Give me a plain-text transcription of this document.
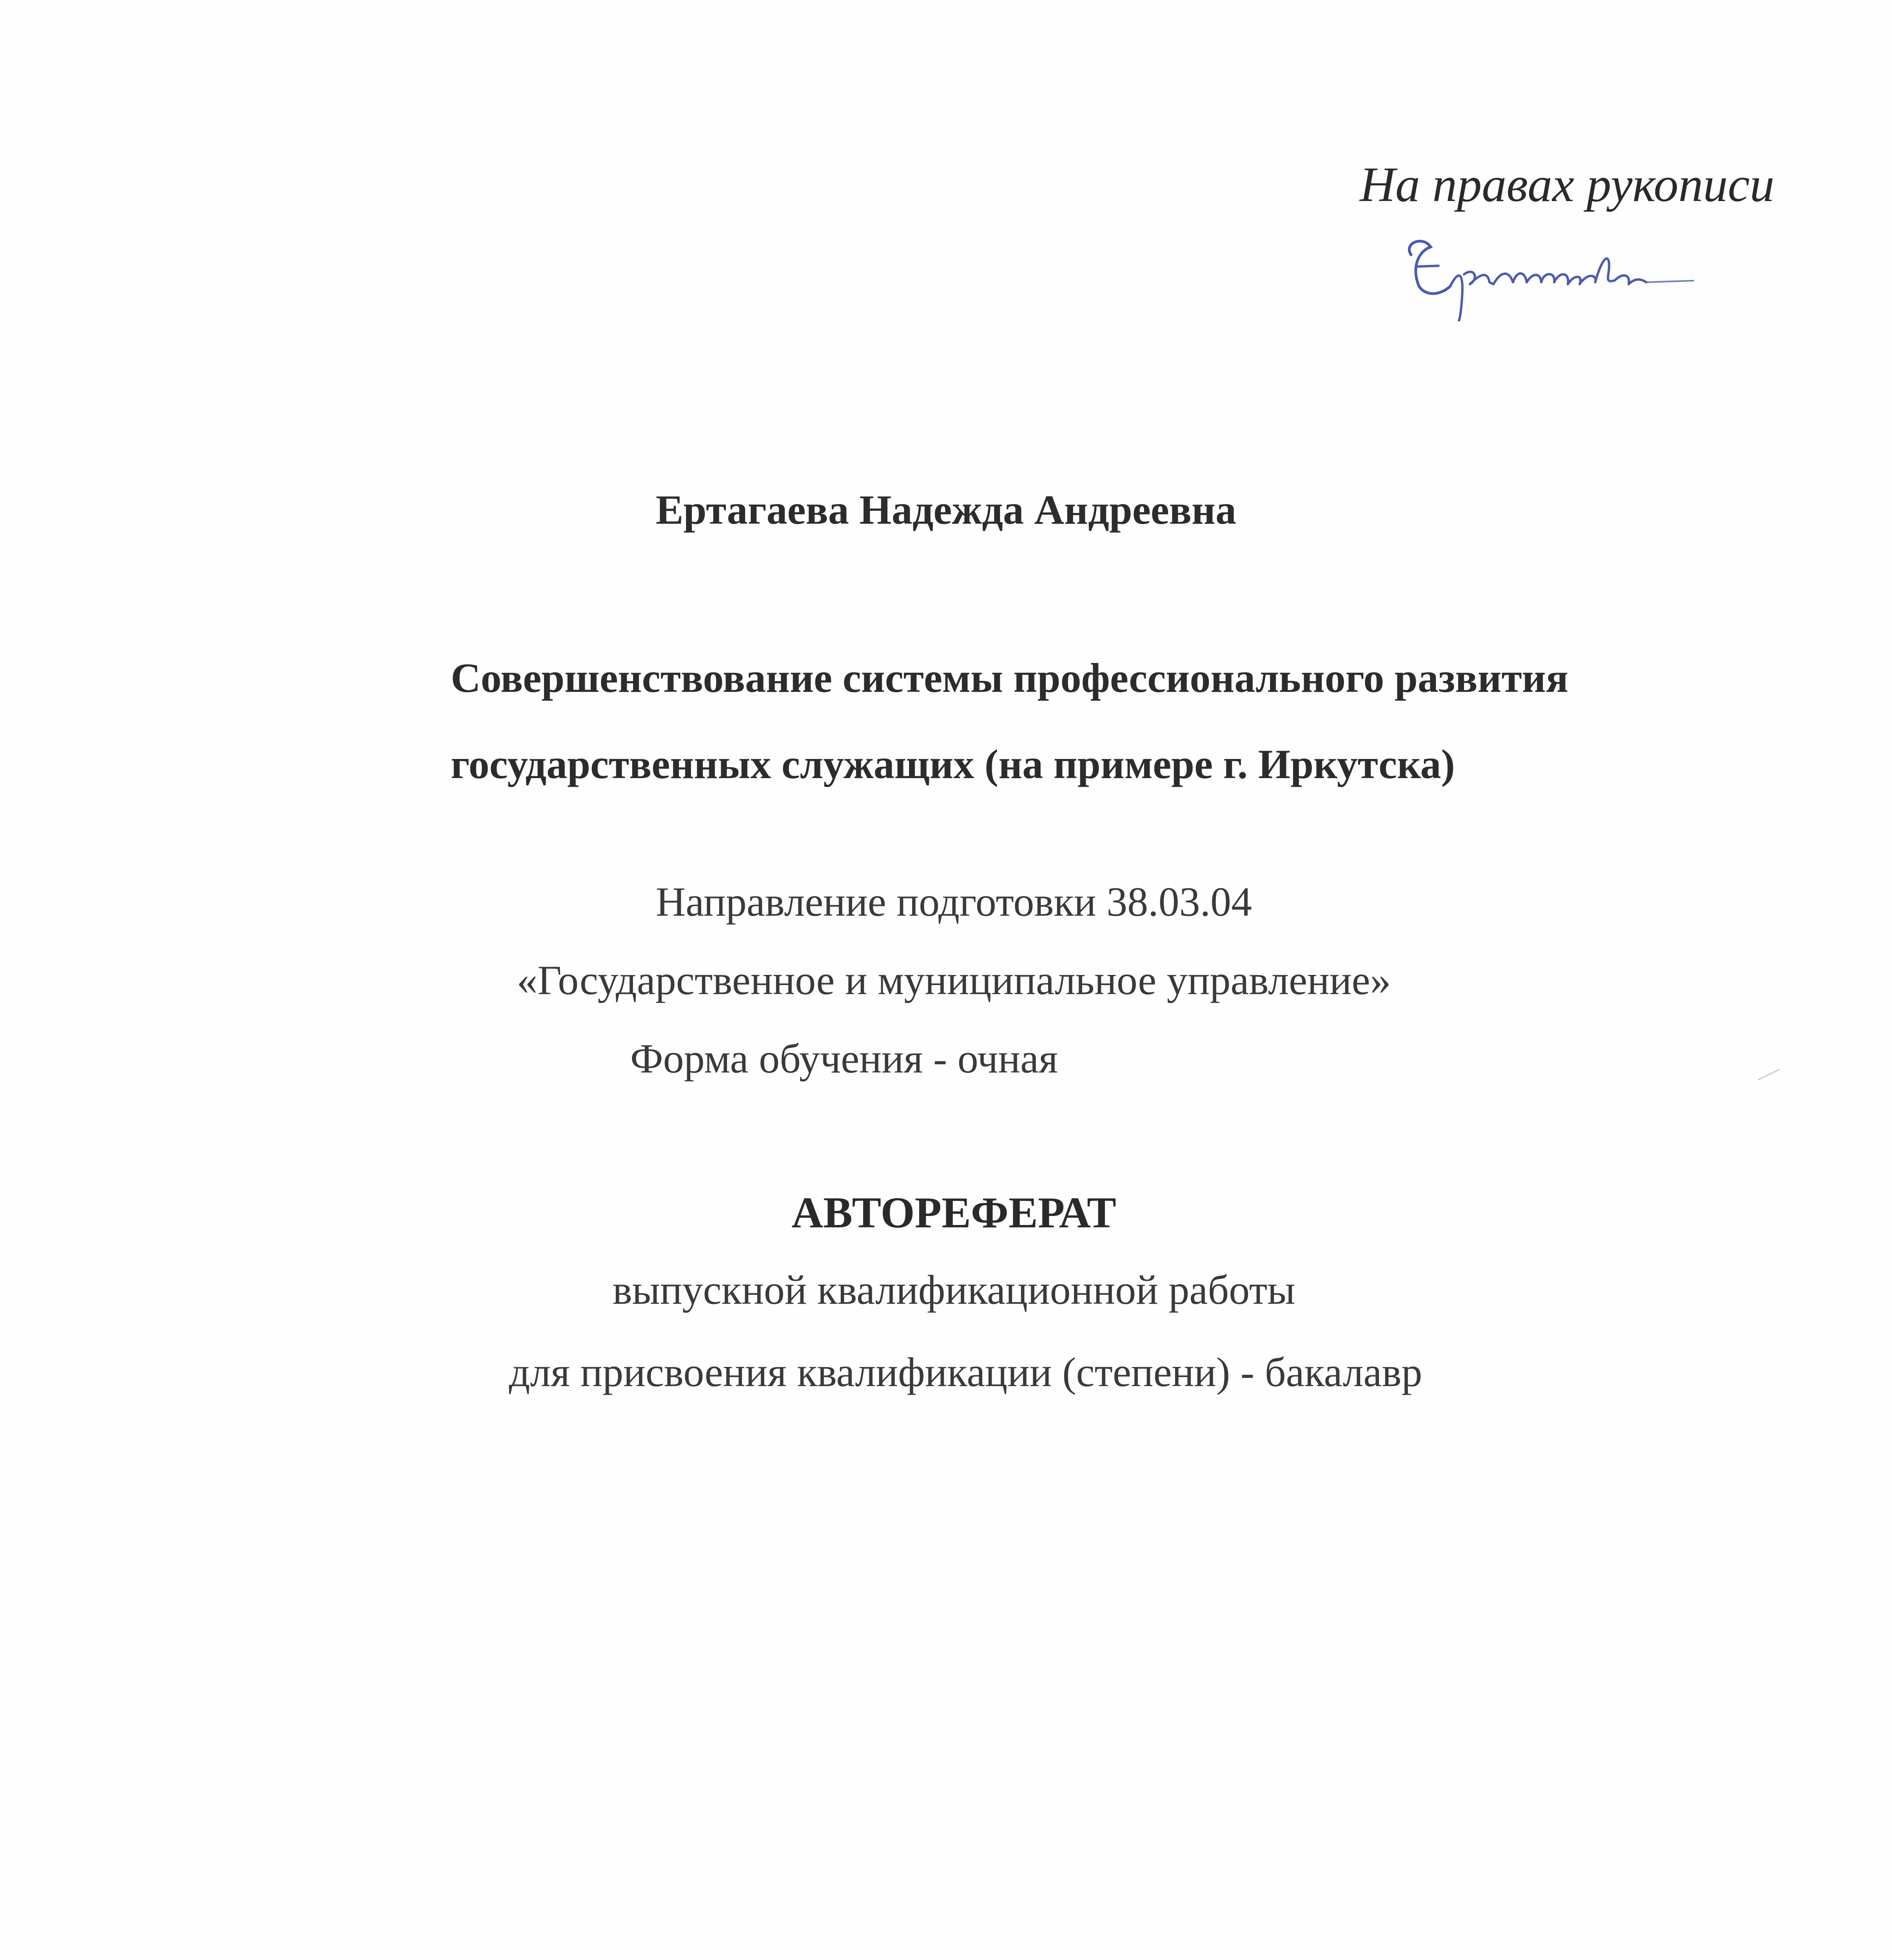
На правах рукописи
Ертагаева Надежда Андреевна
Совершенствование системы профессионального развития
государственных служащих (на примере г. Иркутска)
Направление подготовки 38.03.04
«Государственное и муниципальное управление»
Форма обучения - очная
АВТОРЕФЕРАТ
выпускной квалификационной работы
для присвоения квалификации (степени) - бакалавр
